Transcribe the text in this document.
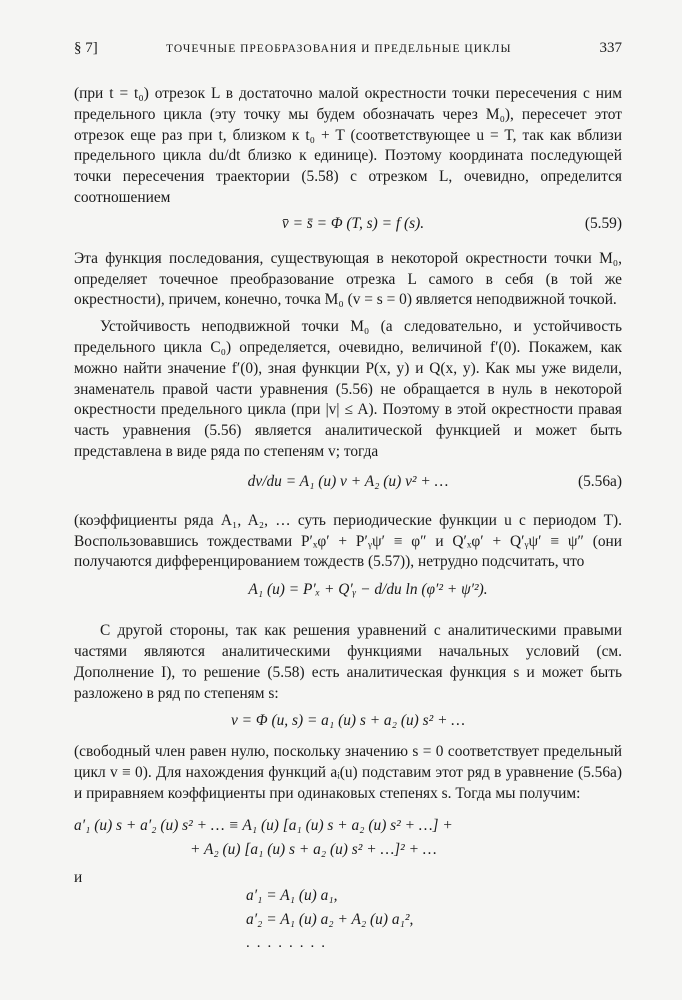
§ 7]	ТОЧЕЧНЫЕ ПРЕОБРАЗОВАНИЯ И ПРЕДЕЛЬНЫЕ ЦИКЛЫ	337

(при t = t₀) отрезок L в достаточно малой окрестности точки пересечения с ним предельного цикла (эту точку мы будем обозначать через M₀), пересечет этот отрезок еще раз при t, близком к t₀ + T (соответствующее u = T, так как вблизи предельного цикла du/dt близко к единице). Поэтому координата последующей точки пересечения траектории (5.58) с отрезком L, очевидно, определится соотношением

v̄ = s̄ = Φ (T, s) = f (s).	(5.59)

Эта функция последования, существующая в некоторой окрестности точки M₀, определяет точечное преобразование отрезка L самого в себя (в той же окрестности), причем, конечно, точка M₀ (v = s = 0) является неподвижной точкой.

Устойчивость неподвижной точки M₀ (а следовательно, и устойчивость предельного цикла C₀) определяется, очевидно, величиной f′(0). Покажем, как можно найти значение f′(0), зная функции P(x, y) и Q(x, y). Как мы уже видели, знаменатель правой части уравнения (5.56) не обращается в нуль в некоторой окрестности предельного цикла (при |v| ≤ A). Поэтому в этой окрестности правая часть уравнения (5.56) является аналитической функцией и может быть представлена в виде ряда по степеням v; тогда

dv/du = A₁ (u) v + A₂ (u) v² + …	(5.56а)

(коэффициенты ряда A₁, A₂, … суть периодические функции u с периодом T). Воспользовавшись тождествами P′ₓφ′ + P′ᵧψ′ ≡ φ″ и Q′ₓφ′ + Q′ᵧψ′ ≡ ψ″ (они получаются дифференцированием тождеств (5.57)), нетрудно подсчитать, что

A₁ (u) = P′ₓ + Q′ᵧ − d/du ln (φ′² + ψ′²).

С другой стороны, так как решения уравнений с аналитическими правыми частями являются аналитическими функциями начальных условий (см. Дополнение I), то решение (5.58) есть аналитическая функция s и может быть разложено в ряд по степеням s:

v = Φ (u, s) = a₁ (u) s + a₂ (u) s² + …

(свободный член равен нулю, поскольку значению s = 0 соответствует предельный цикл v ≡ 0). Для нахождения функций aᵢ(u) подставим этот ряд в уравнение (5.56а) и приравняем коэффициенты при одинаковых степенях s. Тогда мы получим:

a′₁ (u) s + a′₂ (u) s² + … ≡ A₁ (u) [a₁ (u) s + a₂ (u) s² + …] +
+ A₂ (u) [a₁ (u) s + a₂ (u) s² + …]² + …
и
a′₁ = A₁ (u) a₁,
a′₂ = A₁ (u) a₂ + A₂ (u) a₁²,
........
